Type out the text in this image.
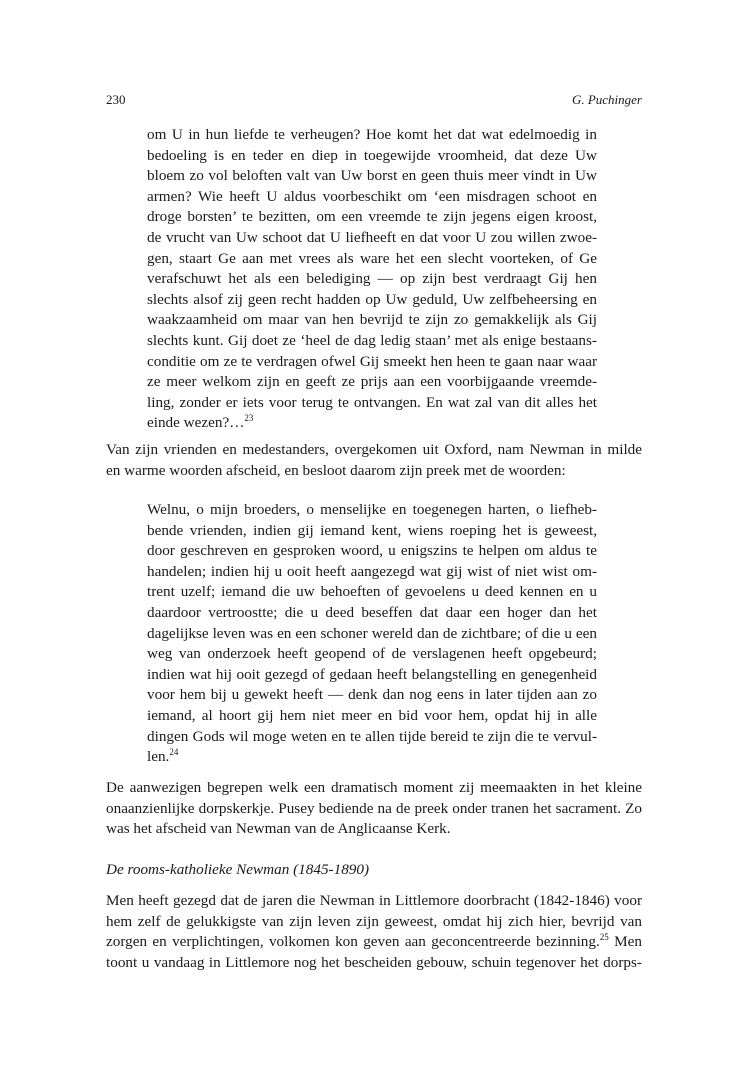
230	G. Puchinger
om U in hun liefde te verheugen? Hoe komt het dat wat edelmoedig in
bedoeling is en teder en diep in toegewijde vroomheid, dat deze Uw
bloem zo vol beloften valt van Uw borst en geen thuis meer vindt in Uw
armen? Wie heeft U aldus voorbeschikt om ‘een misdragen schoot en
droge borsten’ te bezitten, om een vreemde te zijn jegens eigen kroost,
de vrucht van Uw schoot dat U liefheeft en dat voor U zou willen zwoe-
gen, staart Ge aan met vrees als ware het een slecht voorteken, of Ge
verafschuwt het als een belediging — op zijn best verdraagt Gij hen
slechts alsof zij geen recht hadden op Uw geduld, Uw zelfbeheersing en
waakzaamheid om maar van hen bevrijd te zijn zo gemakkelijk als Gij
slechts kunt. Gij doet ze ‘heel de dag ledig staan’ met als enige bestaans-
conditie om ze te verdragen ofwel Gij smeekt hen heen te gaan naar waar
ze meer welkom zijn en geeft ze prijs aan een voorbijgaande vreemde-
ling, zonder er iets voor terug te ontvangen. En wat zal van dit alles het
einde wezen?…$^{23}$
Van zijn vrienden en medestanders, overgekomen uit Oxford, nam Newman in milde
en warme woorden afscheid, en besloot daarom zijn preek met de woorden:
Welnu, o mijn broeders, o menselijke en toegenegen harten, o liefheb-
bende vrienden, indien gij iemand kent, wiens roeping het is geweest,
door geschreven en gesproken woord, u enigszins te helpen om aldus te
handelen; indien hij u ooit heeft aangezegd wat gij wist of niet wist om-
trent uzelf; iemand die uw behoeften of gevoelens u deed kennen en u
daardoor vertroostte; die u deed beseffen dat daar een hoger dan het
dagelijkse leven was en een schoner wereld dan de zichtbare; of die u een
weg van onderzoek heeft geopend of de verslagenen heeft opgebeurd;
indien wat hij ooit gezegd of gedaan heeft belangstelling en genegenheid
voor hem bij u gewekt heeft — denk dan nog eens in later tijden aan zo
iemand, al hoort gij hem niet meer en bid voor hem, opdat hij in alle
dingen Gods wil moge weten en te allen tijde bereid te zijn die te vervul-
len.$^{24}$
De aanwezigen begrepen welk een dramatisch moment zij meemaakten in het kleine
onaanzienlijke dorpskerkje. Pusey bediende na de preek onder tranen het sacrament. Zo
was het afscheid van Newman van de Anglicaanse Kerk.
De rooms-katholieke Newman (1845-1890)
Men heeft gezegd dat de jaren die Newman in Littlemore doorbracht (1842-1846) voor
hem zelf de gelukkigste van zijn leven zijn geweest, omdat hij zich hier, bevrijd van
zorgen en verplichtingen, volkomen kon geven aan geconcentreerde bezinning.$^{25}$ Men
toont u vandaag in Littlemore nog het bescheiden gebouw, schuin tegenover het dorps-
